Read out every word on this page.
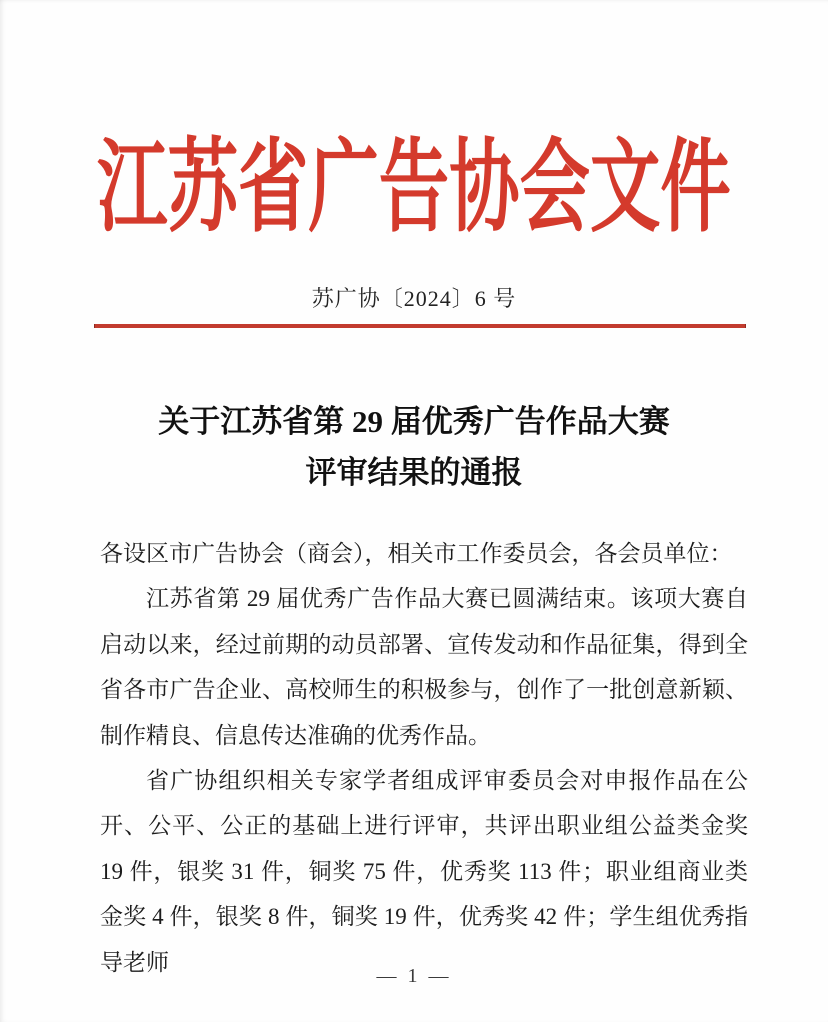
江苏省广告协会文件
苏广协〔2024〕6 号
关于江苏省第 29 届优秀广告作品大赛
评审结果的通报

各设区市广告协会（商会），相关市工作委员会，各会员单位：

江苏省第 29 届优秀广告作品大赛已圆满结束。该项大赛自启动以来，经过前期的动员部署、宣传发动和作品征集，得到全省各市广告企业、高校师生的积极参与，创作了一批创意新颖、制作精良、信息传达准确的优秀作品。

省广协组织相关专家学者组成评审委员会对申报作品在公开、公平、公正的基础上进行评审，共评出职业组公益类金奖 19 件，银奖 31 件，铜奖 75 件，优秀奖 113 件；职业组商业类金奖 4 件，银奖 8 件，铜奖 19 件，优秀奖 42 件；学生组优秀指导老师

— 1 —
